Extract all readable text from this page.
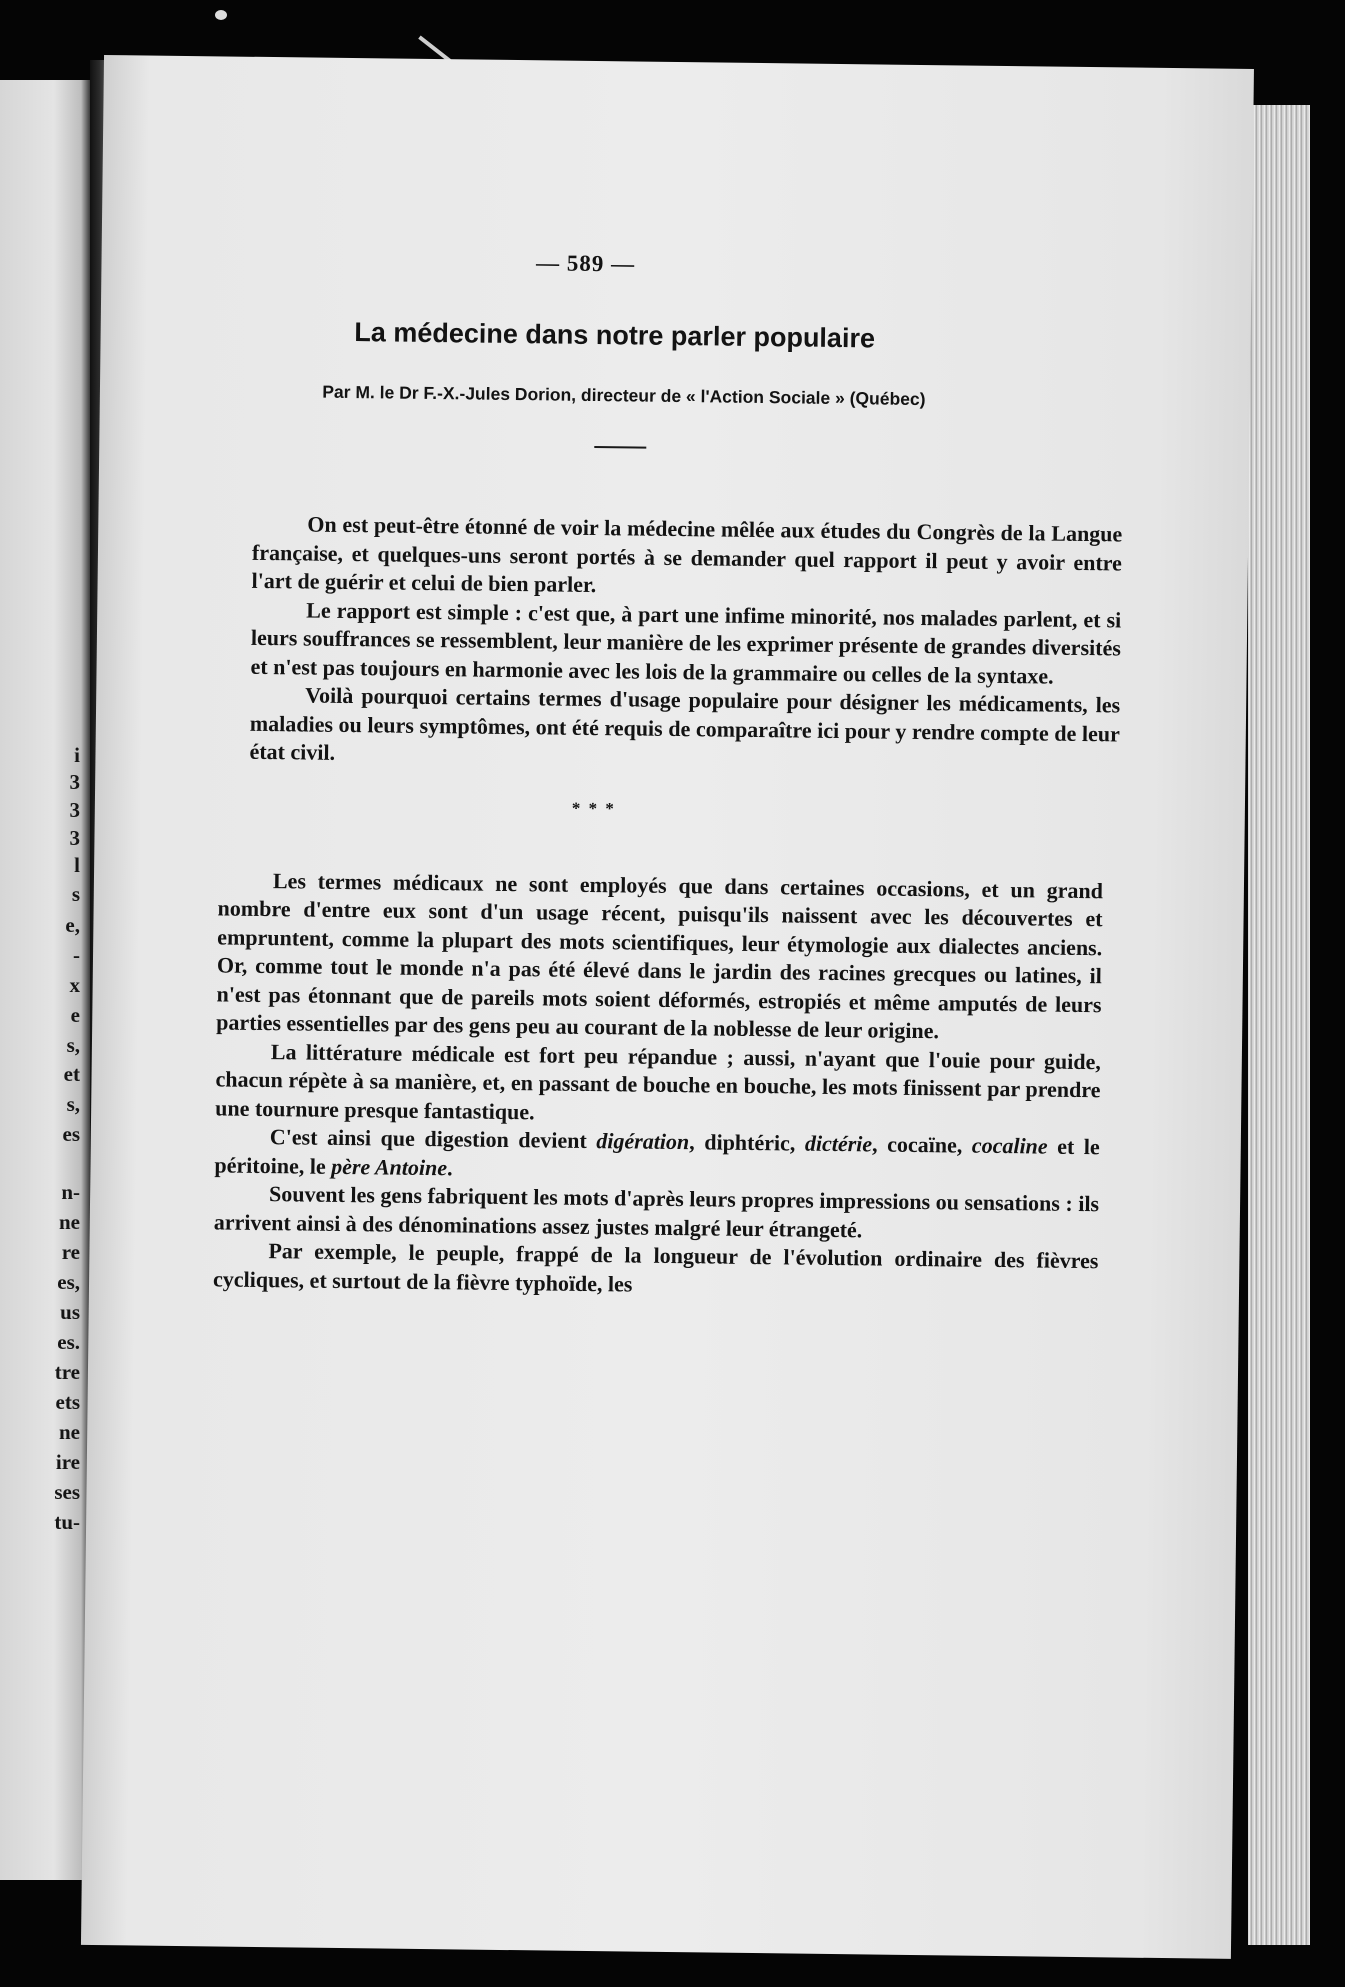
i
3
3
3
l
s
e,
-
x
e
s,
et
s,
es
n-
ne
re
es,
us
es.
tre
ets
ne
ire
ses
tu-
— 589 —
La médecine dans notre parler populaire
Par M. le Dr F.-X.-Jules Dorion, directeur de « l'Action Sociale » (Québec)

On est peut-être étonné de voir la médecine mêlée aux études du Congrès de la Langue française, et quelques-uns seront portés à se demander quel rapport il peut y avoir entre l'art de guérir et celui de bien parler.

Le rapport est simple : c'est que, à part une infime minorité, nos malades parlent, et si leurs souffrances se ressemblent, leur manière de les exprimer présente de grandes diversités et n'est pas toujours en harmonie avec les lois de la grammaire ou celles de la syntaxe.

Voilà pourquoi certains termes d'usage populaire pour désigner les médicaments, les maladies ou leurs symptômes, ont été requis de comparaître ici pour y rendre compte de leur état civil.

* * *

Les termes médicaux ne sont employés que dans certaines occasions, et un grand nombre d'entre eux sont d'un usage récent, puisqu'ils naissent avec les découvertes et empruntent, comme la plupart des mots scientifiques, leur étymologie aux dialectes anciens. Or, comme tout le monde n'a pas été élevé dans le jardin des racines grecques ou latines, il n'est pas étonnant que de pareils mots soient déformés, estropiés et même amputés de leurs parties essentielles par des gens peu au courant de la noblesse de leur origine.

La littérature médicale est fort peu répandue ; aussi, n'ayant que l'ouie pour guide, chacun répète à sa manière, et, en passant de bouche en bouche, les mots finissent par prendre une tournure presque fantastique.

C'est ainsi que digestion devient digération, diphtéric, dictérie, cocaïne, cocaline et le péritoine, le père Antoine.

Souvent les gens fabriquent les mots d'après leurs propres impressions ou sensations : ils arrivent ainsi à des dénominations assez justes malgré leur étrangeté.

Par exemple, le peuple, frappé de la longueur de l'évolution ordinaire des fièvres cycliques, et surtout de la fièvre typhoïde, les
